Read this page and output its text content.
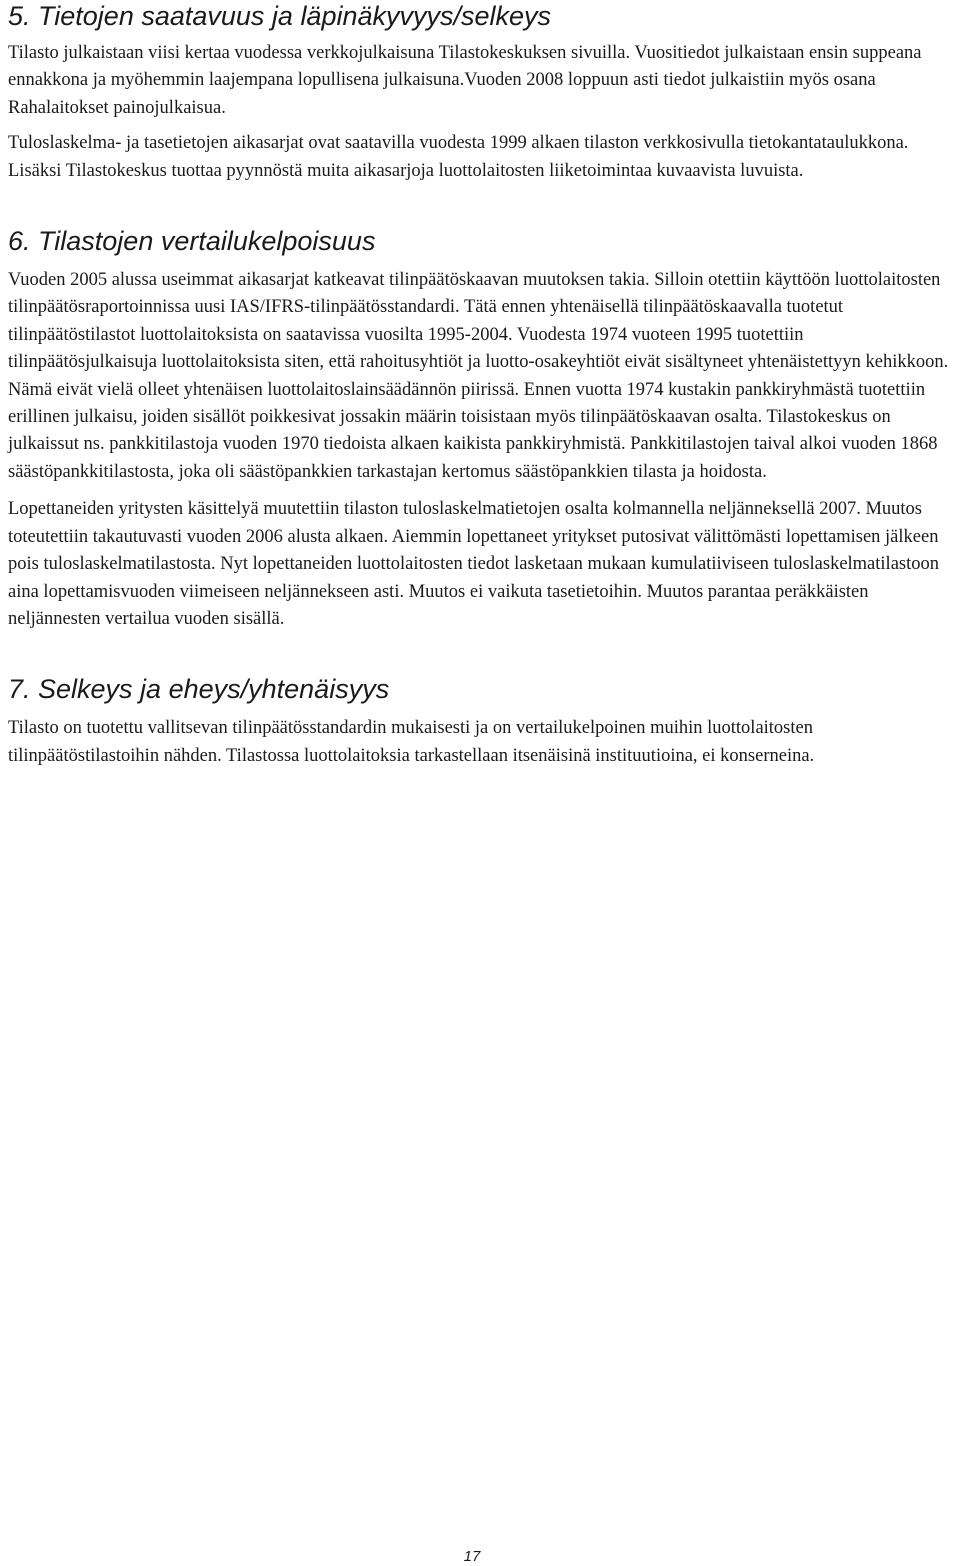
5. Tietojen saatavuus ja läpinäkyvyys/selkeys

Tilasto julkaistaan viisi kertaa vuodessa verkkojulkaisuna Tilastokeskuksen sivuilla. Vuositiedot julkaistaan ensin suppeana ennakkona ja myöhemmin laajempana lopullisena julkaisuna.Vuoden 2008 loppuun asti tiedot julkaistiin myös osana Rahalaitokset painojulkaisua.

Tuloslaskelma- ja tasetietojen aikasarjat ovat saatavilla vuodesta 1999 alkaen tilaston verkkosivulla tietokantataulukkona. Lisäksi Tilastokeskus tuottaa pyynnöstä muita aikasarjoja luottolaitosten liiketoimintaa kuvaavista luvuista.

6. Tilastojen vertailukelpoisuus

Vuoden 2005 alussa useimmat aikasarjat katkeavat tilinpäätöskaavan muutoksen takia. Silloin otettiin käyttöön luottolaitosten tilinpäätösraportoinnissa uusi IAS/IFRS-tilinpäätösstandardi. Tätä ennen yhtenäisellä tilinpäätöskaavalla tuotetut tilinpäätöstilastot luottolaitoksista on saatavissa vuosilta 1995-2004. Vuodesta 1974 vuoteen 1995 tuotettiin tilinpäätösjulkaisuja luottolaitoksista siten, että rahoitusyhtiöt ja luotto-osakeyhtiöt eivät sisältyneet yhtenäistettyyn kehikkoon. Nämä eivät vielä olleet yhtenäisen luottolaitoslainsäädännön piirissä. Ennen vuotta 1974 kustakin pankkiryhmästä tuotettiin erillinen julkaisu, joiden sisällöt poikkesivat jossakin määrin toisistaan myös tilinpäätöskaavan osalta. Tilastokeskus on julkaissut ns. pankkitilastoja vuoden 1970 tiedoista alkaen kaikista pankkiryhmistä. Pankkitilastojen taival alkoi vuoden 1868 säästöpankkitilastosta, joka oli säästöpankkien tarkastajan kertomus säästöpankkien tilasta ja hoidosta.

Lopettaneiden yritysten käsittelyä muutettiin tilaston tuloslaskelmatietojen osalta kolmannella neljänneksellä 2007. Muutos toteutettiin takautuvasti vuoden 2006 alusta alkaen. Aiemmin lopettaneet yritykset putosivat välittömästi lopettamisen jälkeen pois tuloslaskelmatilastosta. Nyt lopettaneiden luottolaitosten tiedot lasketaan mukaan kumulatiiviseen tuloslaskelmatilastoon aina lopettamisvuoden viimeiseen neljännekseen asti. Muutos ei vaikuta tasetietoihin. Muutos parantaa peräkkäisten neljännesten vertailua vuoden sisällä.

7. Selkeys ja eheys/yhtenäisyys

Tilasto on tuotettu vallitsevan tilinpäätösstandardin mukaisesti ja on vertailukelpoinen muihin luottolaitosten tilinpäätöstilastoihin nähden. Tilastossa luottolaitoksia tarkastellaan itsenäisinä instituutioina, ei konserneina.

17
